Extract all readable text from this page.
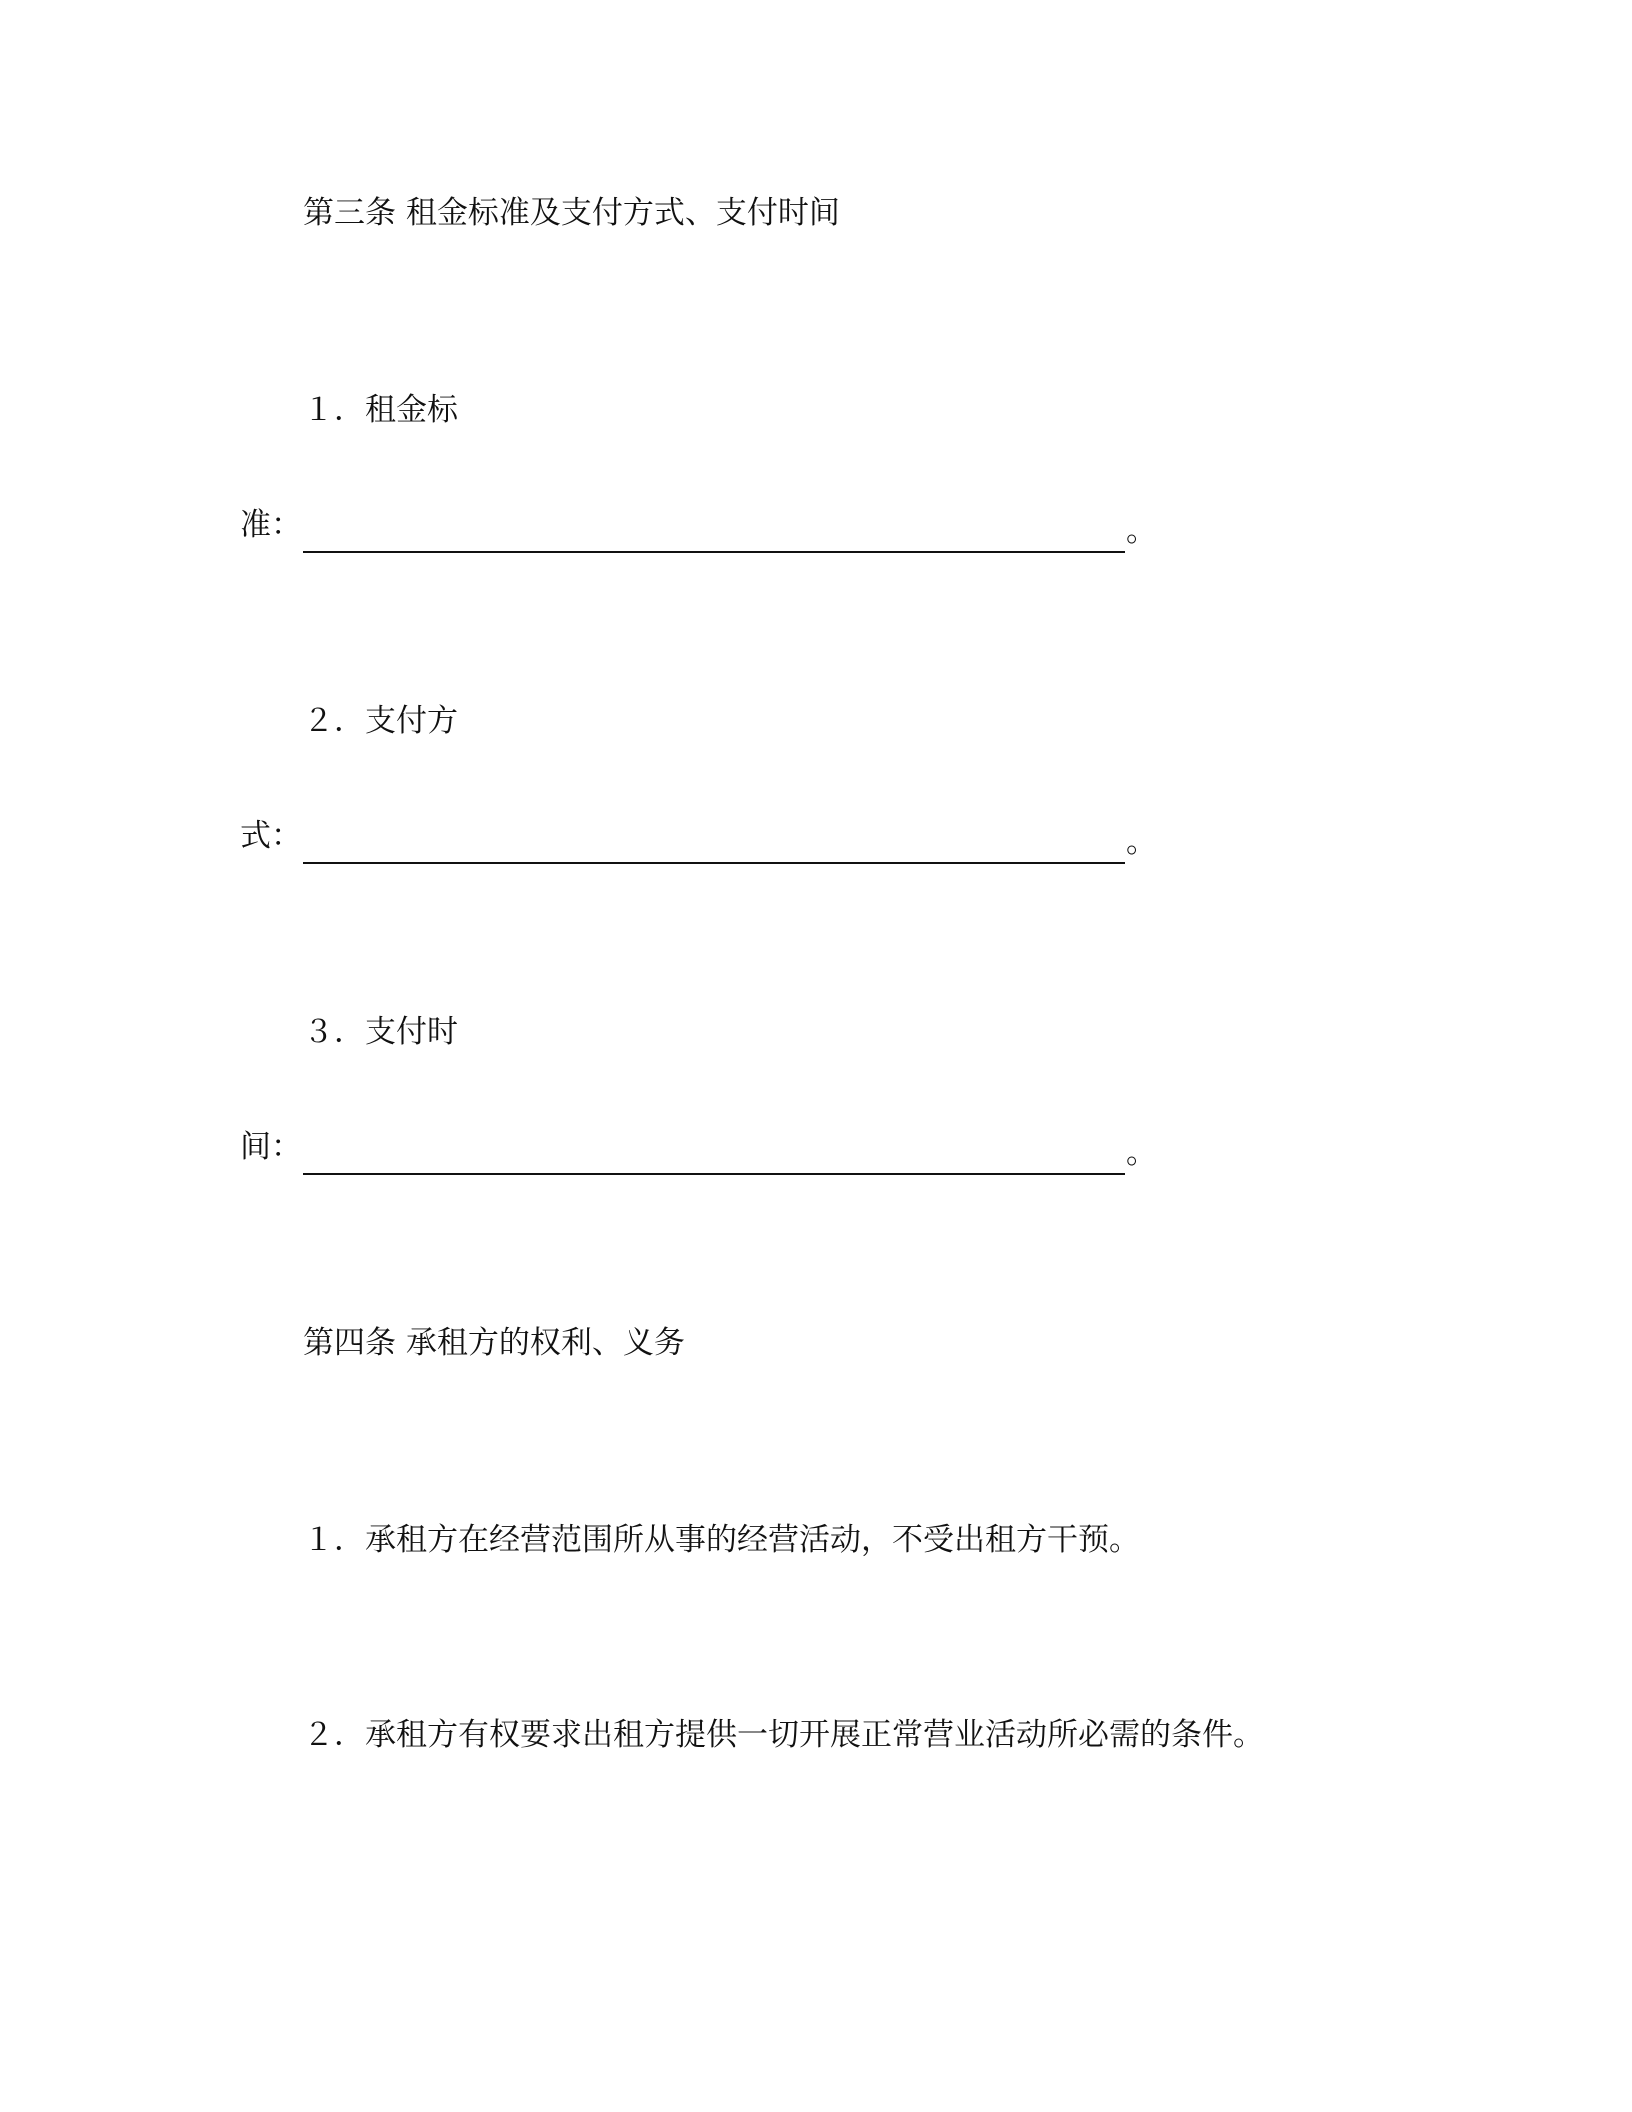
第三条 租金标准及支付方式、支付时间
１．租金标
准：	。
２．支付方
式：	。
３．支付时
间：	。
第四条 承租方的权利、义务
１．承租方在经营范围所从事的经营活动，不受出租方干预。
２．承租方有权要求出租方提供一切开展正常营业活动所必需的条件。
